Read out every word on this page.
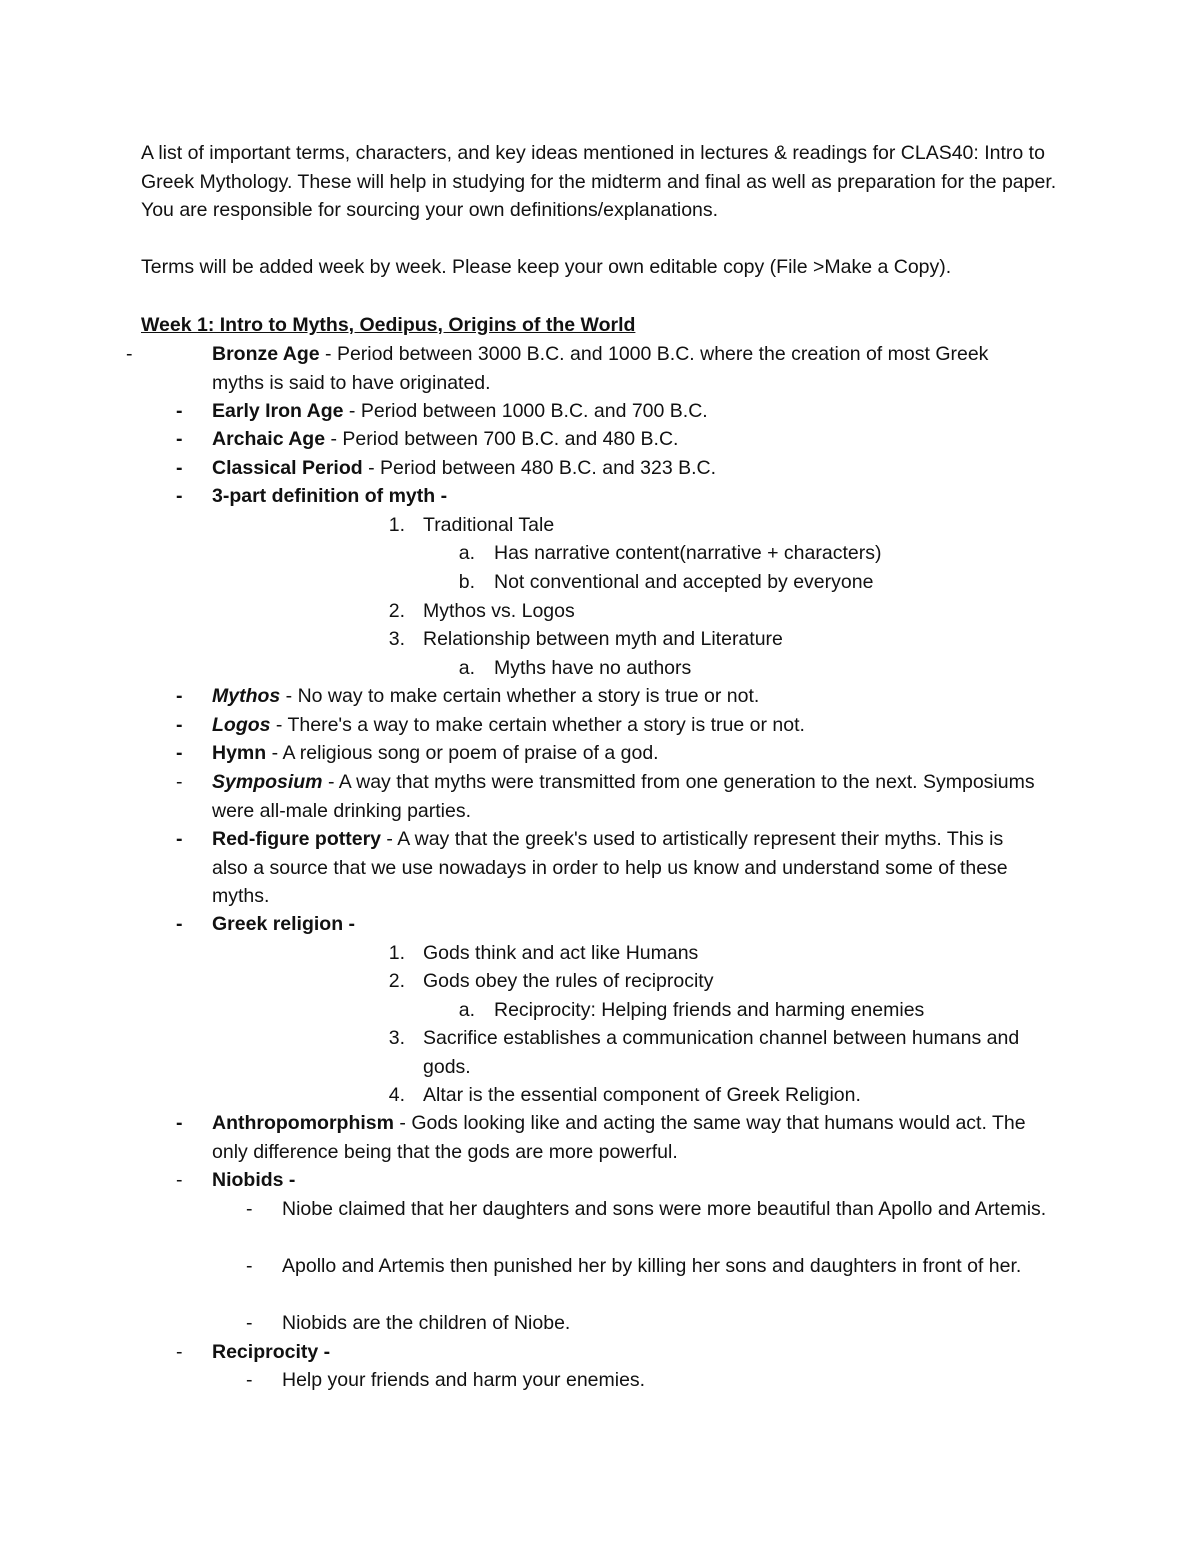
A list of important terms, characters, and key ideas mentioned in lectures & readings for CLAS40: Intro to Greek Mythology. These will help in studying for the midterm and final as well as preparation for the paper. You are responsible for sourcing your own definitions/explanations.

Terms will be added week by week. Please keep your own editable copy (File >Make a Copy).

Week 1: Intro to Myths, Oedipus, Origins of the World
-	Bronze Age - Period between 3000 B.C. and 1000 B.C. where the creation of most Greek myths is said to have originated.
-	Early Iron Age - Period between 1000 B.C. and 700 B.C.
-	Archaic Age - Period between 700 B.C. and 480 B.C.
-	Classical Period - Period between 480 B.C. and 323 B.C.
-	3-part definition of myth -
1. Traditional Tale
a. Has narrative content(narrative + characters)
b. Not conventional and accepted by everyone
2. Mythos vs. Logos
3. Relationship between myth and Literature
a. Myths have no authors
-	Mythos - No way to make certain whether a story is true or not.
-	Logos - There's a way to make certain whether a story is true or not.
-	Hymn - A religious song or poem of praise of a god.
-	Symposium - A way that myths were transmitted from one generation to the next. Symposiums were all-male drinking parties.
-	Red-figure pottery - A way that the greek's used to artistically represent their myths. This is also a source that we use nowadays in order to help us know and understand some of these myths.
-	Greek religion -
1. Gods think and act like Humans
2. Gods obey the rules of reciprocity
a. Reciprocity: Helping friends and harming enemies
3. Sacrifice establishes a communication channel between humans and gods.
4. Altar is the essential component of Greek Religion.
-	Anthropomorphism - Gods looking like and acting the same way that humans would act. The only difference being that the gods are more powerful.
-	Niobids -
-	Niobe claimed that her daughters and sons were more beautiful than Apollo and Artemis.
-	Apollo and Artemis then punished her by killing her sons and daughters in front of her.
-	Niobids are the children of Niobe.
-	Reciprocity -
-	Help your friends and harm your enemies.
